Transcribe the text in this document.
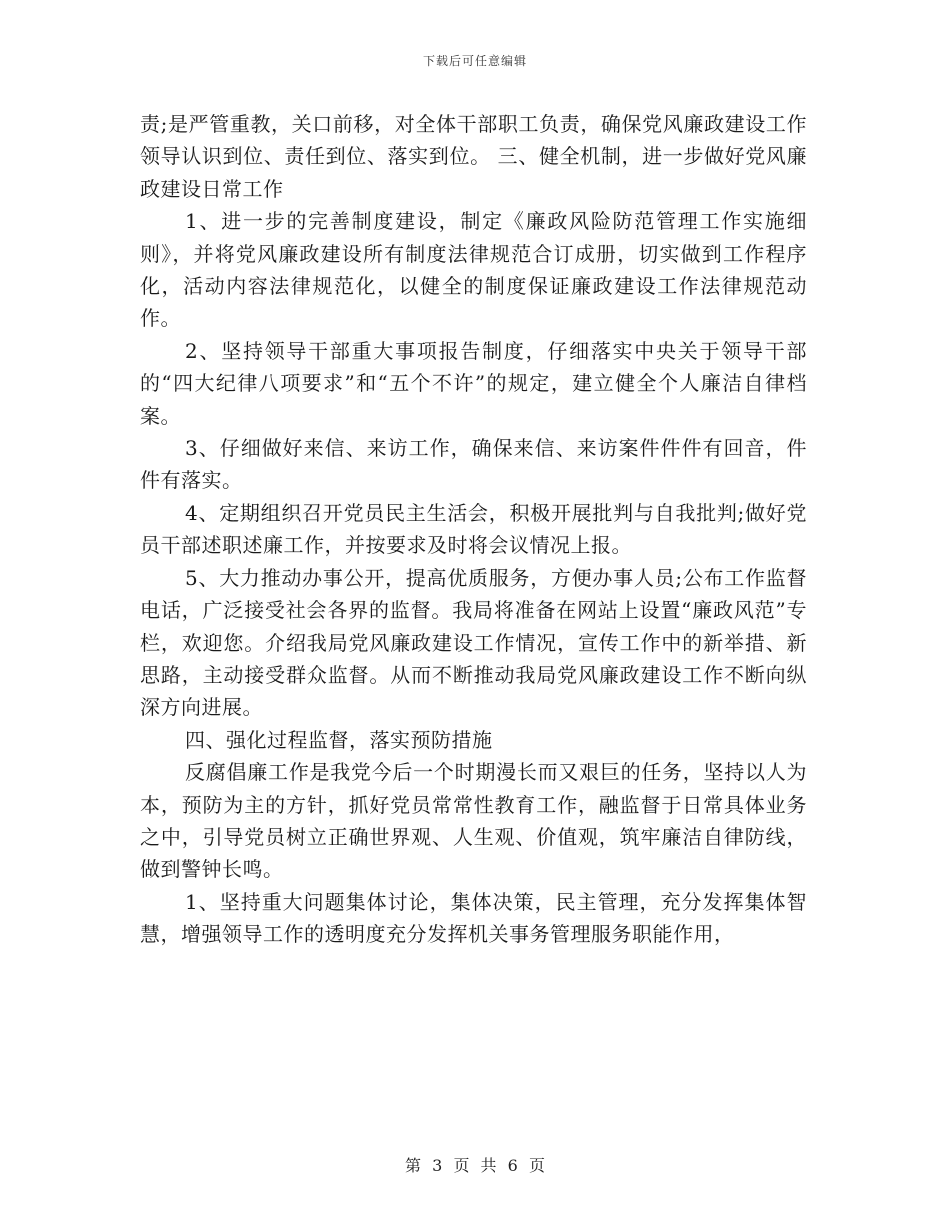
下载后可任意编辑

责;是严管重教，关口前移，对全体干部职工负责，确保党风廉政建设工作领导认识到位、责任到位、落实到位。 三、健全机制，进一步做好党风廉政建设日常工作

1、进一步的完善制度建设，制定《廉政风险防范管理工作实施细则》，并将党风廉政建设所有制度法律规范合订成册，切实做到工作程序化，活动内容法律规范化，以健全的制度保证廉政建设工作法律规范动作。

2、坚持领导干部重大事项报告制度，仔细落实中央关于领导干部的“四大纪律八项要求”和“五个不许”的规定，建立健全个人廉洁自律档案。

3、仔细做好来信、来访工作，确保来信、来访案件件件有回音，件件有落实。

4、定期组织召开党员民主生活会，积极开展批判与自我批判;做好党员干部述职述廉工作，并按要求及时将会议情况上报。

5、大力推动办事公开，提高优质服务，方便办事人员;公布工作监督电话，广泛接受社会各界的监督。我局将准备在网站上设置“廉政风范”专栏，欢迎您。介绍我局党风廉政建设工作情况，宣传工作中的新举措、新思路，主动接受群众监督。从而不断推动我局党风廉政建设工作不断向纵深方向进展。

四、强化过程监督，落实预防措施

反腐倡廉工作是我党今后一个时期漫长而又艰巨的任务，坚持以人为本，预防为主的方针，抓好党员常常性教育工作，融监督于日常具体业务之中，引导党员树立正确世界观、人生观、价值观，筑牢廉洁自律防线，做到警钟长鸣。

1、坚持重大问题集体讨论，集体决策，民主管理，充分发挥集体智慧，增强领导工作的透明度充分发挥机关事务管理服务职能作用，

第 3 页 共 6 页
